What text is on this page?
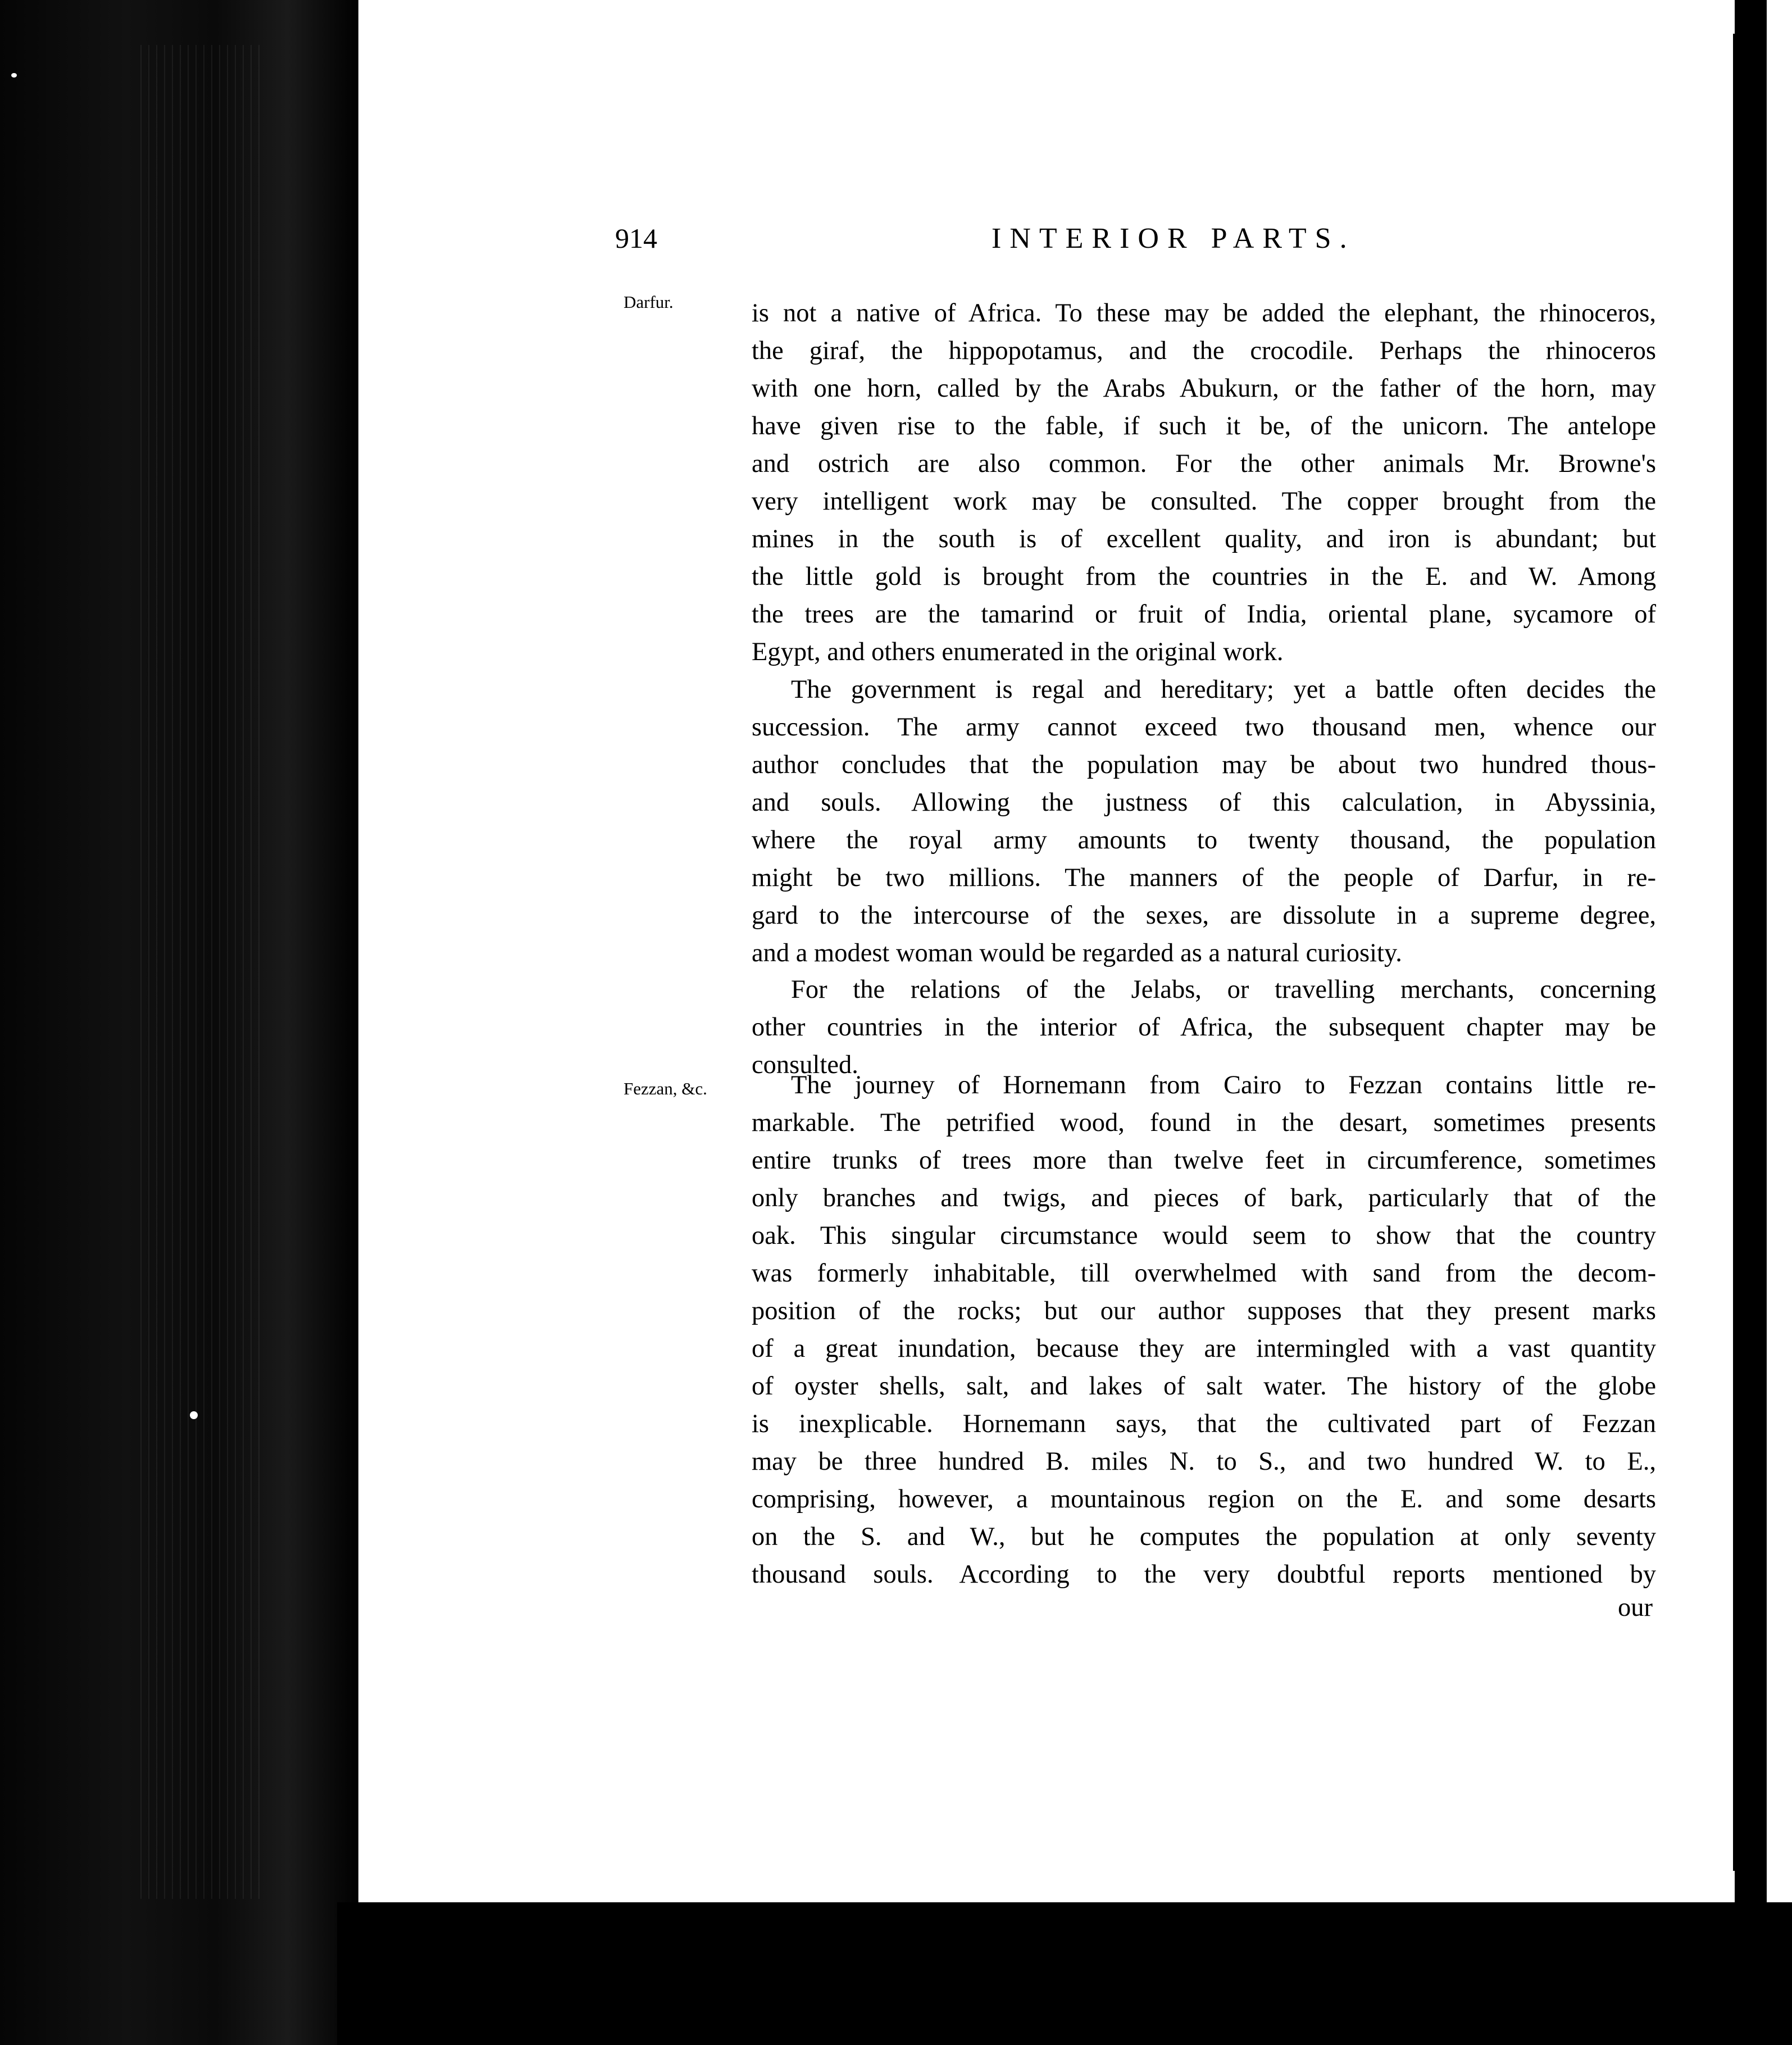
914	INTERIOR PARTS.
Darfur.
Fezzan, &c.
is not a native of Africa. To these may be added the elephant, the rhinoceros,
the giraf, the hippopotamus, and the crocodile. Perhaps the rhinoceros
with one horn, called by the Arabs Abukurn, or the father of the horn, may
have given rise to the fable, if such it be, of the unicorn. The antelope
and ostrich are also common. For the other animals Mr. Browne's
very intelligent work may be consulted. The copper brought from the
mines in the south is of excellent quality, and iron is abundant; but
the little gold is brought from the countries in the E. and W. Among
the trees are the tamarind or fruit of India, oriental plane, sycamore of
Egypt, and others enumerated in the original work.
The government is regal and hereditary; yet a battle often decides the
succession. The army cannot exceed two thousand men, whence our
author concludes that the population may be about two hundred thous-
and souls. Allowing the justness of this calculation, in Abyssinia,
where the royal army amounts to twenty thousand, the population
might be two millions. The manners of the people of Darfur, in re-
gard to the intercourse of the sexes, are dissolute in a supreme degree,
and a modest woman would be regarded as a natural curiosity.
For the relations of the Jelabs, or travelling merchants, concerning
other countries in the interior of Africa, the subsequent chapter may be
consulted.
The journey of Hornemann from Cairo to Fezzan contains little re-
markable. The petrified wood, found in the desart, sometimes presents
entire trunks of trees more than twelve feet in circumference, sometimes
only branches and twigs, and pieces of bark, particularly that of the
oak. This singular circumstance would seem to show that the country
was formerly inhabitable, till overwhelmed with sand from the decom-
position of the rocks; but our author supposes that they present marks
of a great inundation, because they are intermingled with a vast quantity
of oyster shells, salt, and lakes of salt water. The history of the globe
is inexplicable. Hornemann says, that the cultivated part of Fezzan
may be three hundred B. miles N. to S., and two hundred W. to E.,
comprising, however, a mountainous region on the E. and some desarts
on the S. and W., but he computes the population at only seventy
thousand souls. According to the very doubtful reports mentioned by
our
